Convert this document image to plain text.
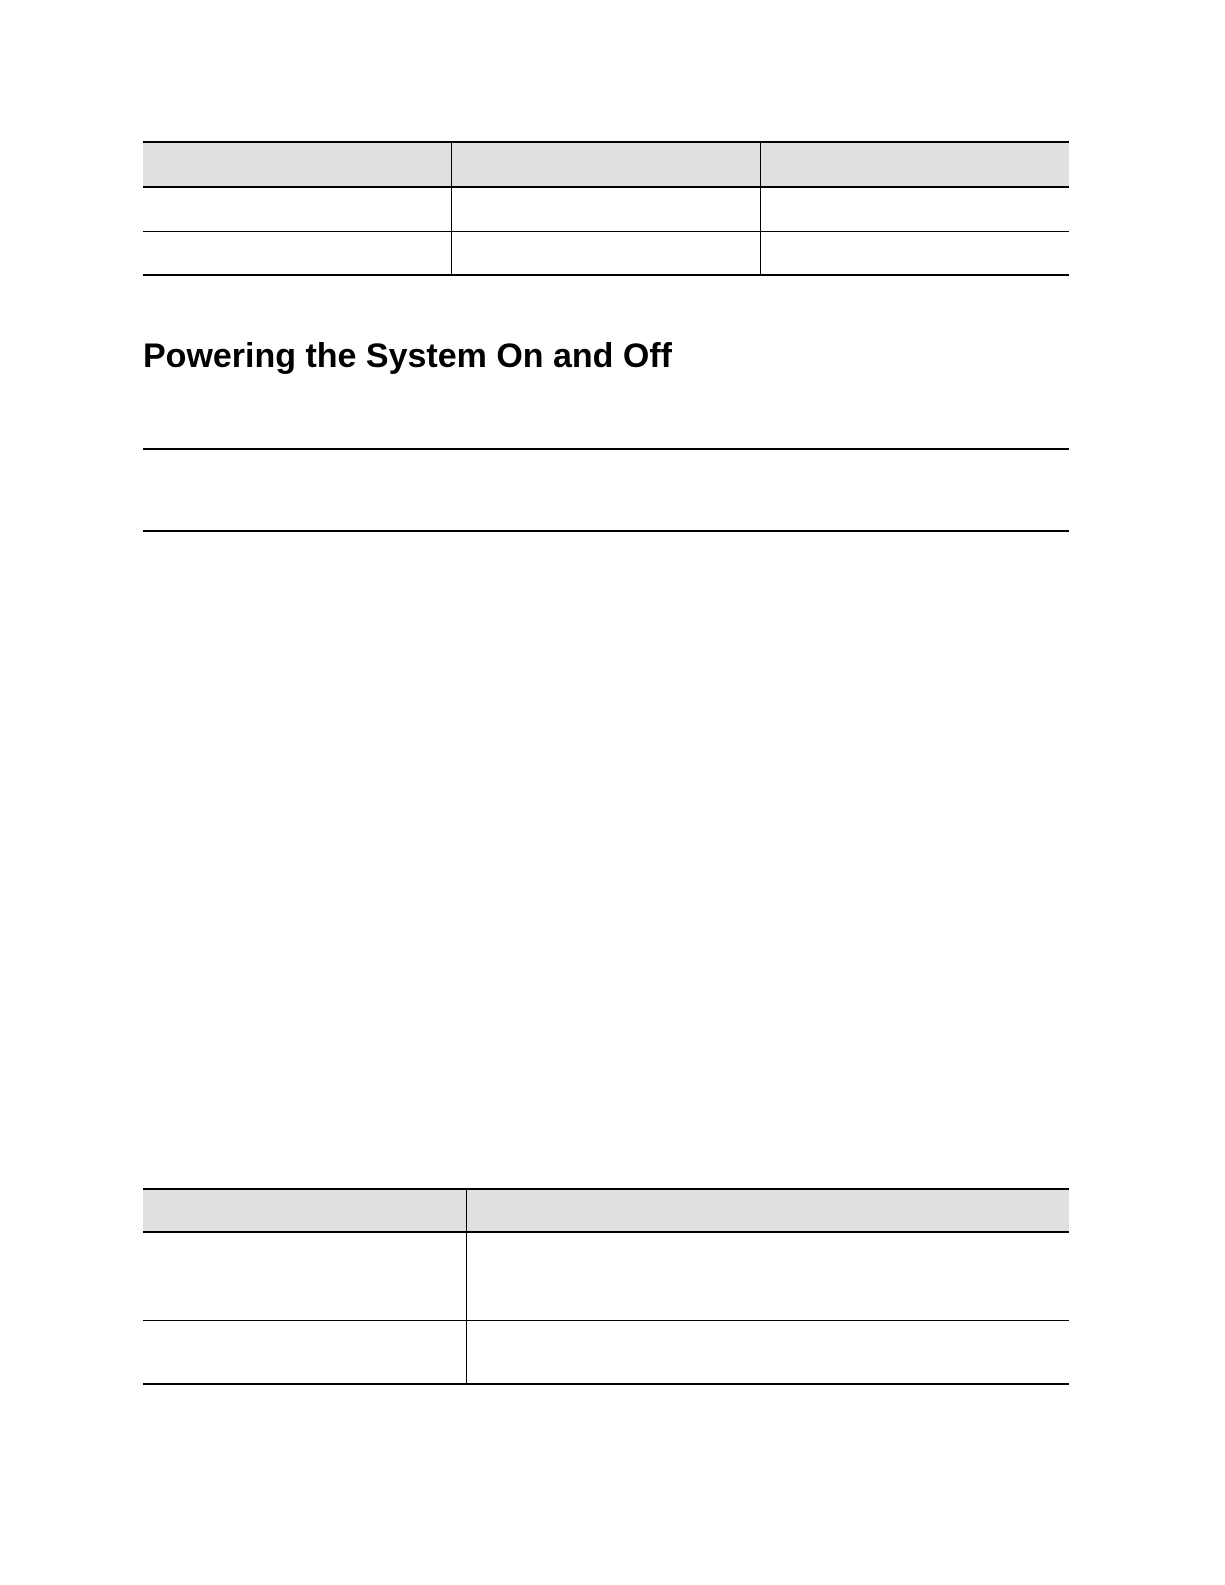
Powering the System On and Off
